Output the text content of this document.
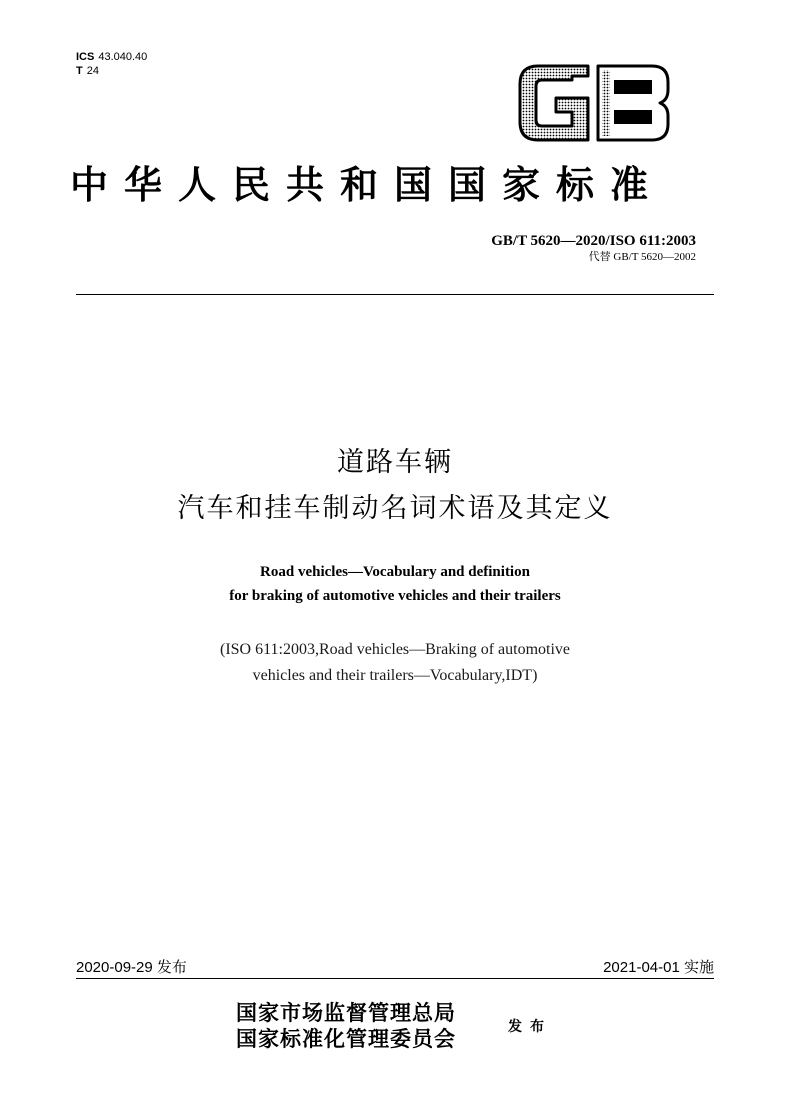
ICS 43.040.40
T 24
中华人民共和国国家标准
GB/T 5620—2020/ISO 611:2003
代替 GB/T 5620—2002
道路车辆
汽车和挂车制动名词术语及其定义
Road vehicles—Vocabulary and definition
for braking of automotive vehicles and their trailers
(ISO 611:2003,Road vehicles—Braking of automotive
vehicles and their trailers—Vocabulary,IDT)
2020-09-29 发布	2021-04-01 实施
国家市场监督管理总局
国家标准化管理委员会	发布
